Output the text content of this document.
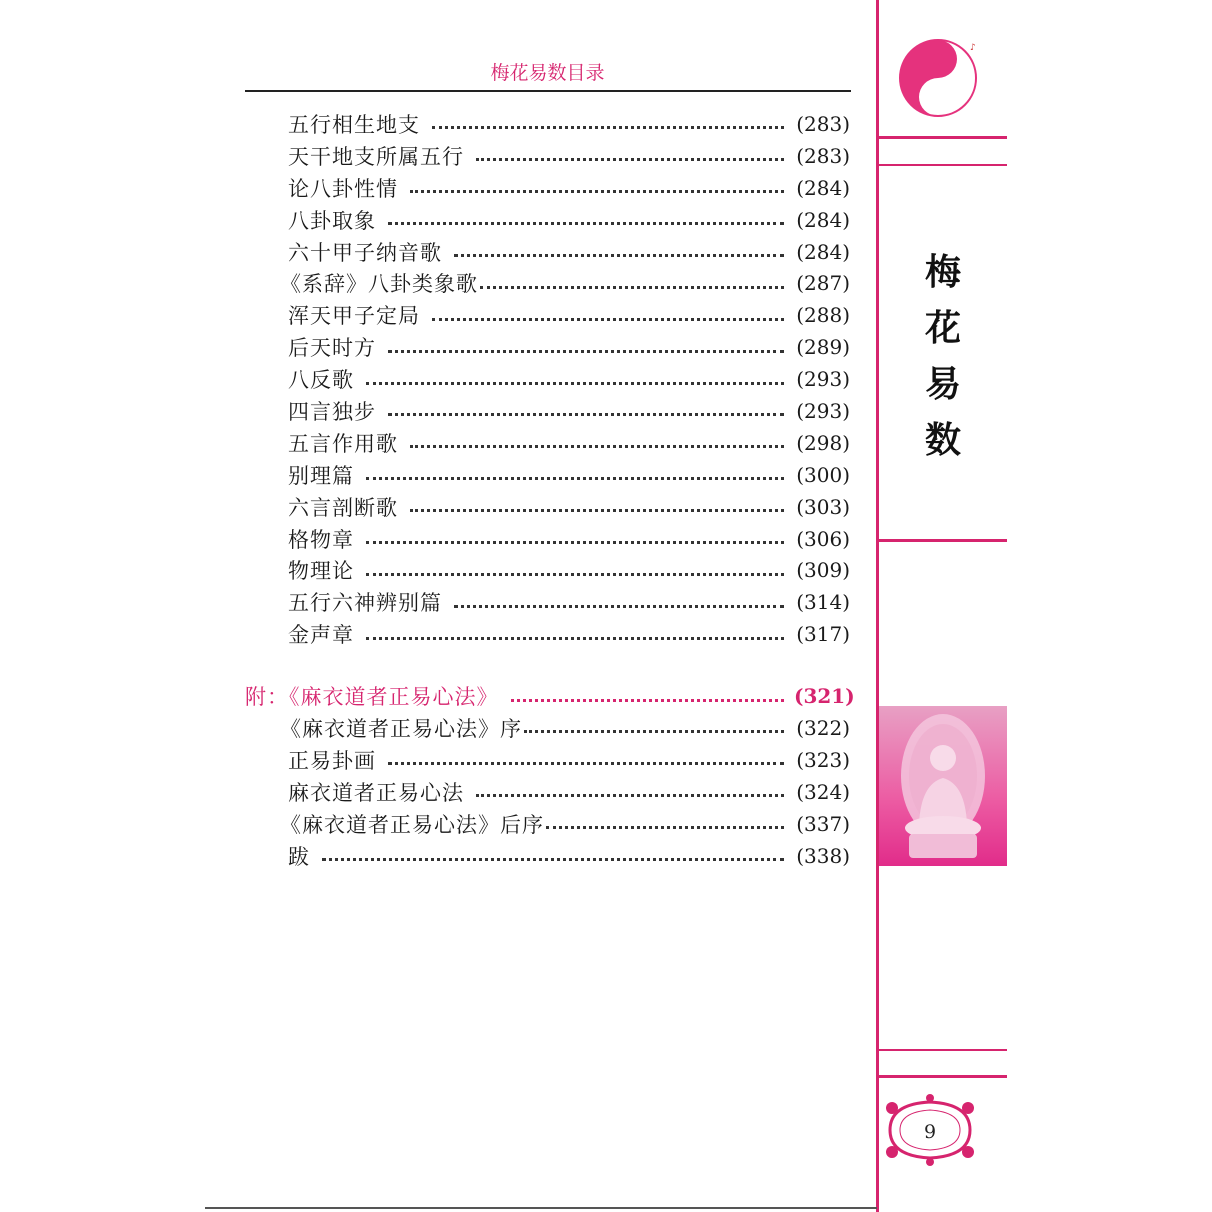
梅花易数目录
五行相生地支	(283)
天干地支所属五行	(283)
论八卦性情	(284)
八卦取象	(284)
六十甲子纳音歌	(284)
《系辞》八卦类象歌	(287)
浑天甲子定局	(288)
后天时方	(289)
八反歌	(293)
四言独步	(293)
五言作用歌	(298)
别理篇	(300)
六言剖断歌	(303)
格物章	(306)
物理论	(309)
五行六神辨别篇	(314)
金声章	(317)
附：《麻衣道者正易心法》	(321)
《麻衣道者正易心法》序	(322)
正易卦画	(323)
麻衣道者正易心法	(324)
《麻衣道者正易心法》后序	(337)
跋	(338)
♪
梅
花
易
数
9
